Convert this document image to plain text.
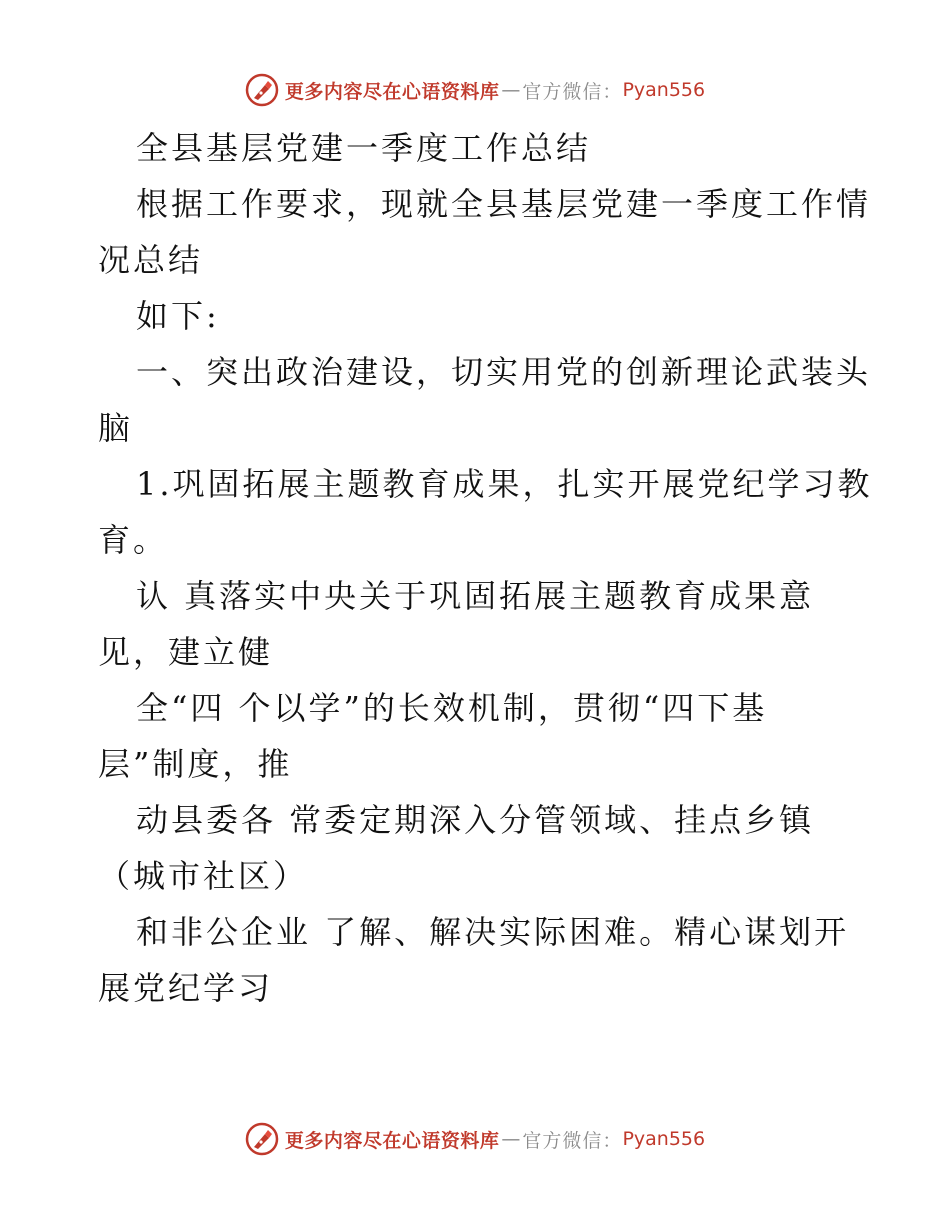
更多内容尽在心语资料库 — 官方微信： Pyan556
全县基层党建一季度工作总结
根据工作要求，现就全县基层党建一季度工作情
况总结
如下:
一、突出政治建设，切实用党的创新理论武装头
脑
1.巩固拓展主题教育成果，扎实开展党纪学习教
育。
认 真落实中央关于巩固拓展主题教育成果意
见，建立健
全“四 个以学”的长效机制，贯彻“四下基
层”制度，推
动县委各 常委定期深入分管领域、挂点乡镇
（城市社区）
和非公企业 了解、解决实际困难。精心谋划开
展党纪学习
更多内容尽在心语资料库 — 官方微信： Pyan556
